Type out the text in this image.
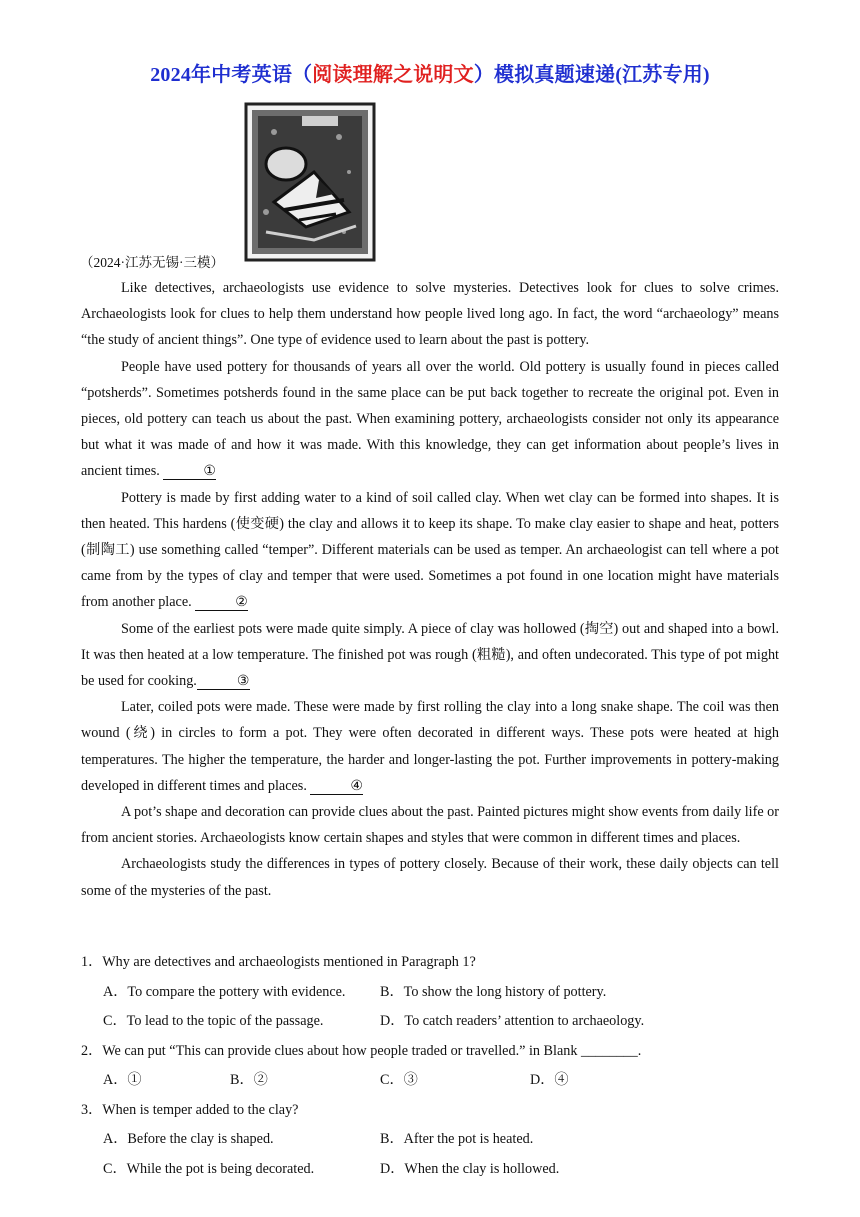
2024年中考英语（阅读理解之说明文）模拟真题速递(江苏专用)
（2024·江苏无锡·三模）

Like detectives, archaeologists use evidence to solve mysteries. Detectives look for clues to solve crimes. Archaeologists look for clues to help them understand how people lived long ago. In fact, the word “archaeology” means “the study of ancient things”. One type of evidence used to learn about the past is pottery.

People have used pottery for thousands of years all over the world. Old pottery is usually found in pieces called “potsherds”. Sometimes potsherds found in the same place can be put back together to recreate the original pot. Even in pieces, old pottery can teach us about the past. When examining pottery, archaeologists consider not only its appearance but what it was made of and how it was made. With this knowledge, they can get information about people’s lives in ancient times.	①

Pottery is made by first adding water to a kind of soil called clay. When wet clay can be formed into shapes. It is then heated. This hardens (使变硬) the clay and allows it to keep its shape. To make clay easier to shape and heat, potters (制陶工) use something called “temper”. Different materials can be used as temper. An archaeologist can tell where a pot came from by the types of clay and temper that were used. Sometimes a pot found in one location might have materials from another place.	②

Some of the earliest pots were made quite simply. A piece of clay was hollowed (掏空) out and shaped into a bowl. It was then heated at a low temperature. The finished pot was rough (粗糙), and often undecorated. This type of pot might be used for cooking.	③

Later, coiled pots were made. These were made by first rolling the clay into a long snake shape. The coil was then wound (绕) in circles to form a pot. They were often decorated in different ways. These pots were heated at high temperatures. The higher the temperature, the harder and longer-lasting the pot. Further improvements in pottery-making developed in different times and places.	④

A pot’s shape and decoration can provide clues about the past. Painted pictures might show events from daily life or from ancient stories. Archaeologists know certain shapes and styles that were common in different times and places.

Archaeologists study the differences in types of pottery closely. Because of their work, these daily objects can tell some of the mysteries of the past.

1．Why are detectives and archaeologists mentioned in Paragraph 1?
A．To compare the pottery with evidence.	B．To show the long history of pottery.
C．To lead to the topic of the passage.	D．To catch readers’ attention to archaeology.
2．We can put “This can provide clues about how people traded or travelled.” in Blank ________.
A．①	B．②	C．③	D．④
3．When is temper added to the clay?
A．Before the clay is shaped.	B．After the pot is heated.
C．While the pot is being decorated.	D．When the clay is hollowed.
